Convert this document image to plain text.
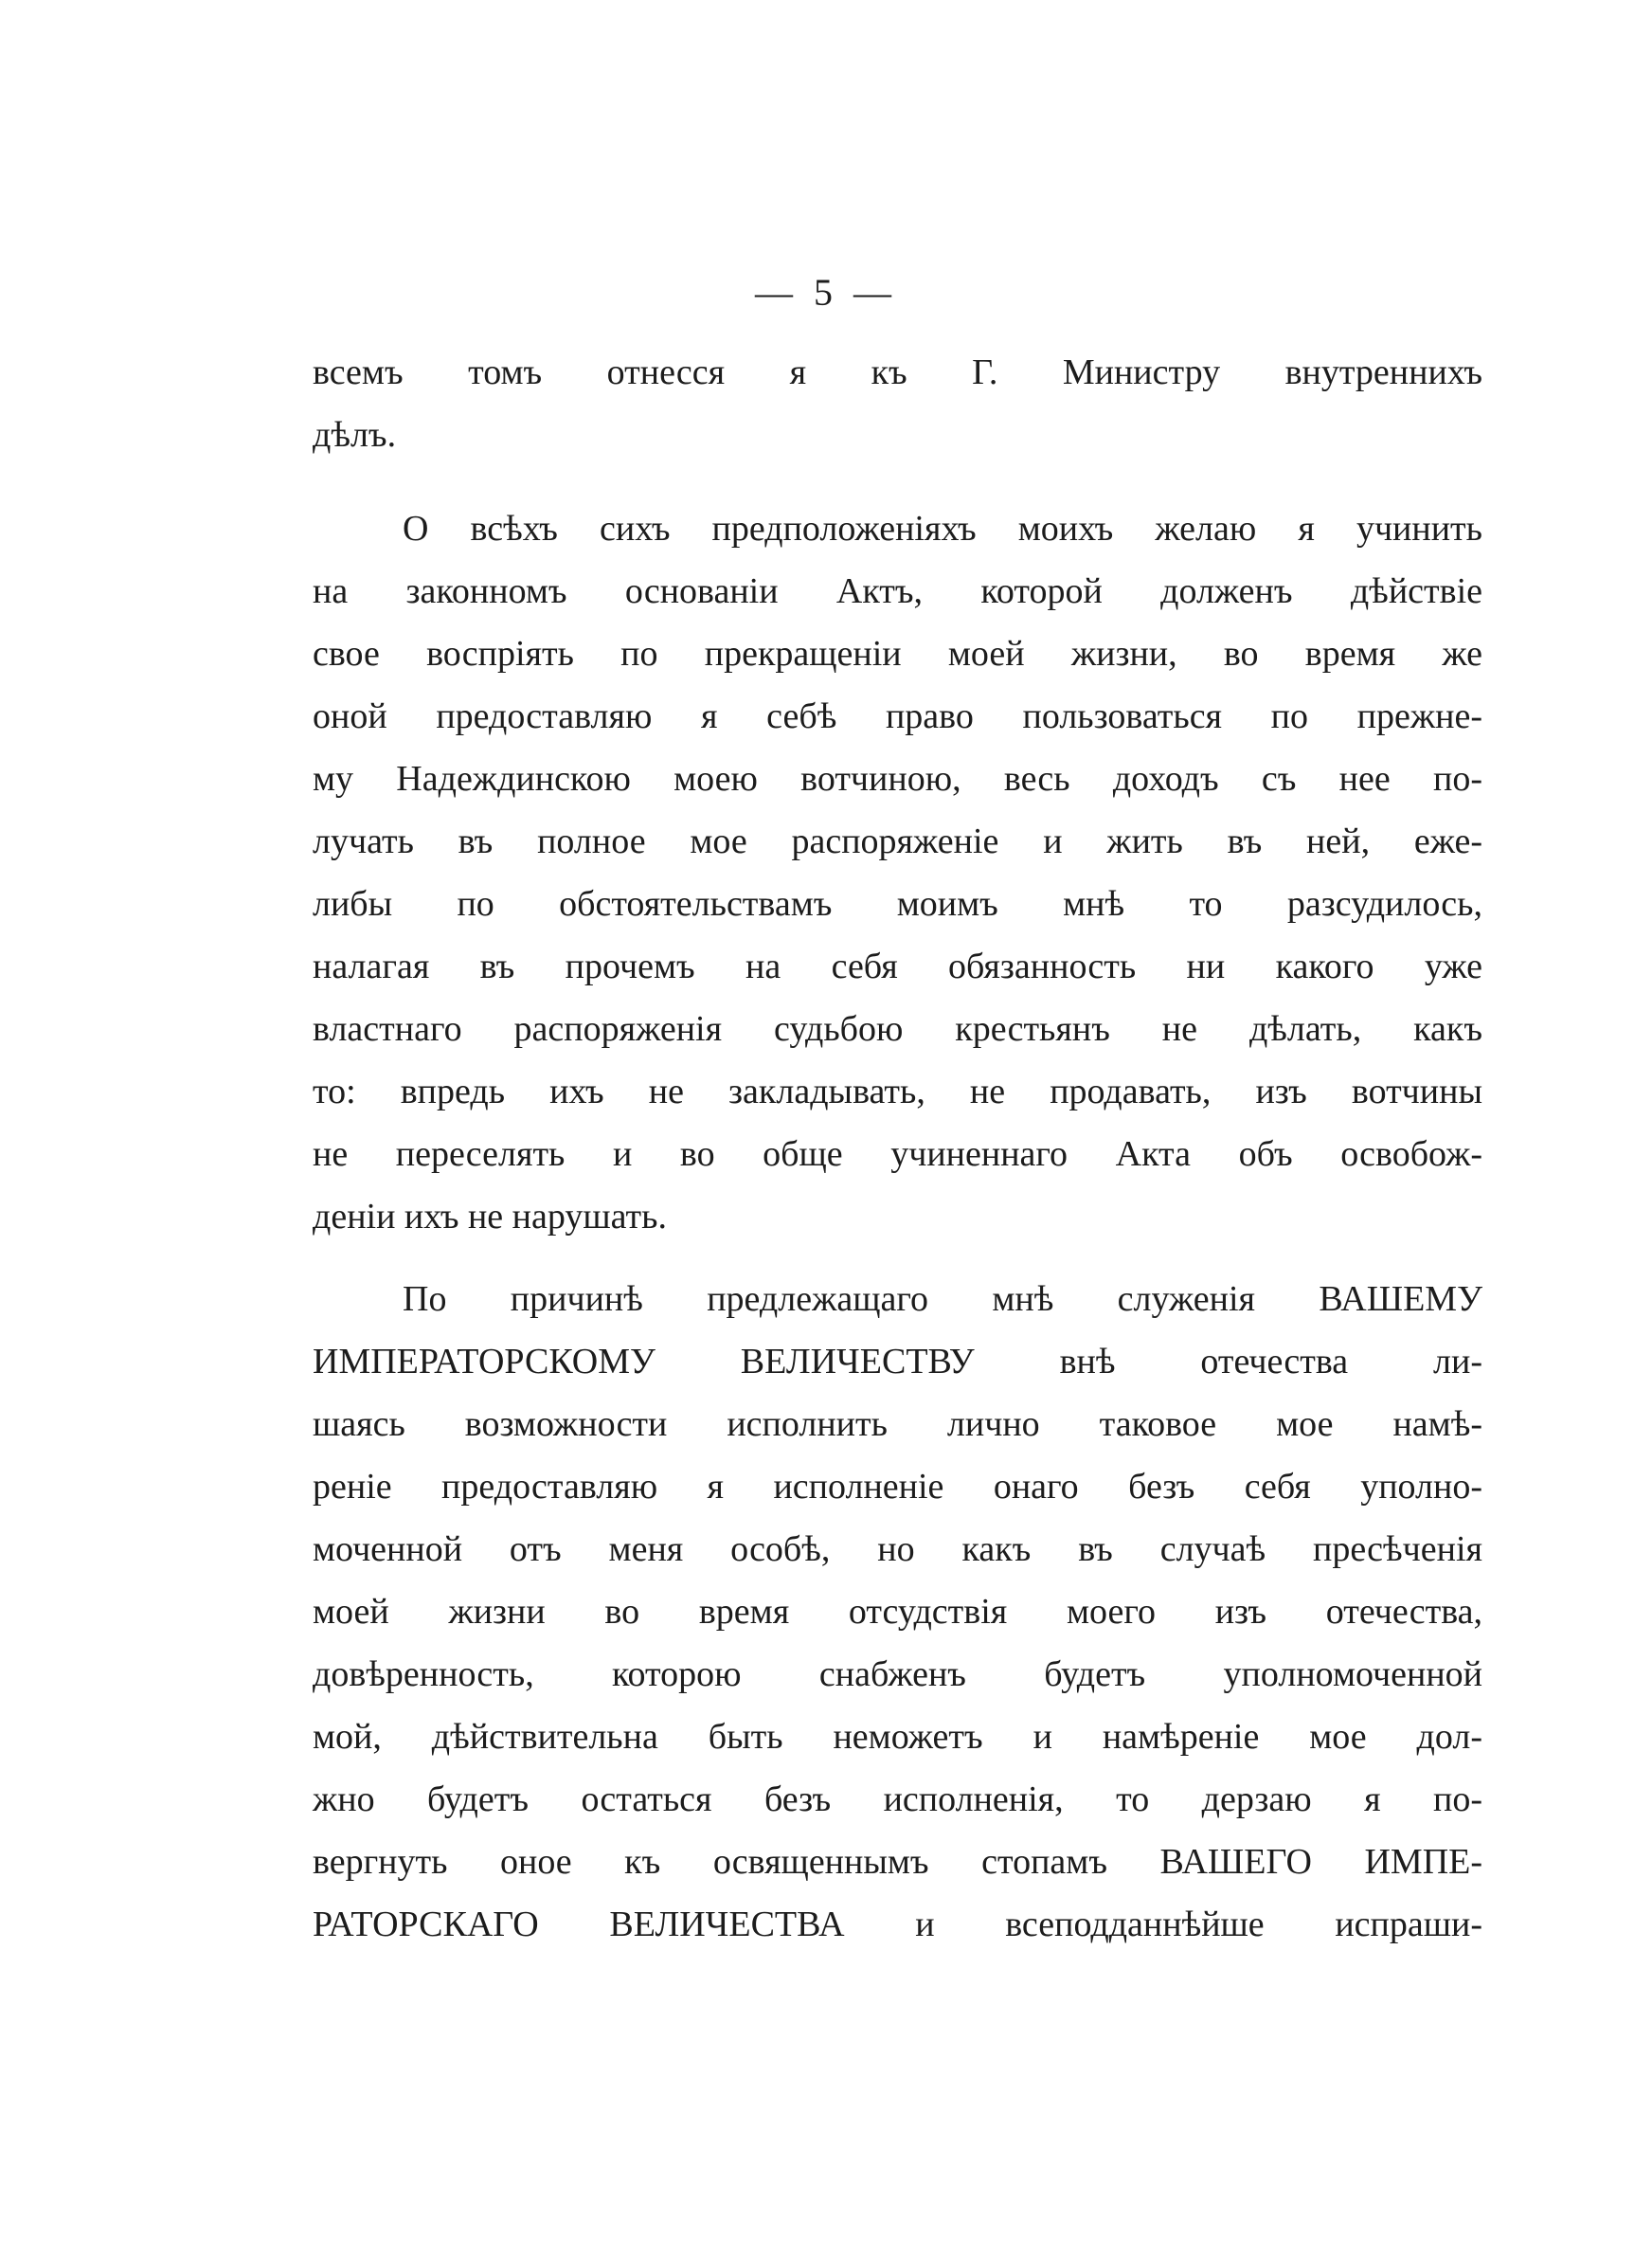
— 5 —
всемъ томъ отнесся я къ Г. Министру внутреннихъ
дѣлъ.
О всѣхъ сихъ предположеніяхъ моихъ желаю я учинить
на законномъ основаніи Актъ, которой долженъ дѣйствіе
свое воспріять по прекращеніи моей жизни, во время же
оной предоставляю я себѣ право пользоваться по прежне-
му Надеждинскою моею вотчиною, весь доходъ съ нее по-
лучать въ полное мое распоряженіе и жить въ ней, еже-
либы по обстоятельствамъ моимъ мнѣ то разсудилось,
налагая въ прочемъ на себя обязанность ни какого уже
властнаго распоряженія судьбою крестьянъ не дѣлать, какъ
то: впредь ихъ не закладывать, не продавать, изъ вотчины
не переселять и во обще учиненнаго Акта объ освобож-
деніи ихъ не нарушать.
По причинѣ предлежащаго мнѣ служенія ВАШЕМУ
ИМПЕРАТОРСКОМУ ВЕЛИЧЕСТВУ внѣ отечества ли-
шаясь возможности исполнить лично таковое мое намѣ-
реніе предоставляю я исполненіе онаго безъ себя уполно-
моченной отъ меня особѣ, но какъ въ случаѣ пресѣченія
моей жизни во время отсудствія моего изъ отечества,
довѣренность, которою снабженъ будетъ уполномоченной
мой, дѣйствительна быть неможетъ и намѣреніе мое дол-
жно будетъ остаться безъ исполненія, то дерзаю я по-
вергнуть оное къ освященнымъ стопамъ ВАШЕГО ИМПЕ-
РАТОРСКАГО ВЕЛИЧЕСТВА и всеподданнѣйше испраши-
